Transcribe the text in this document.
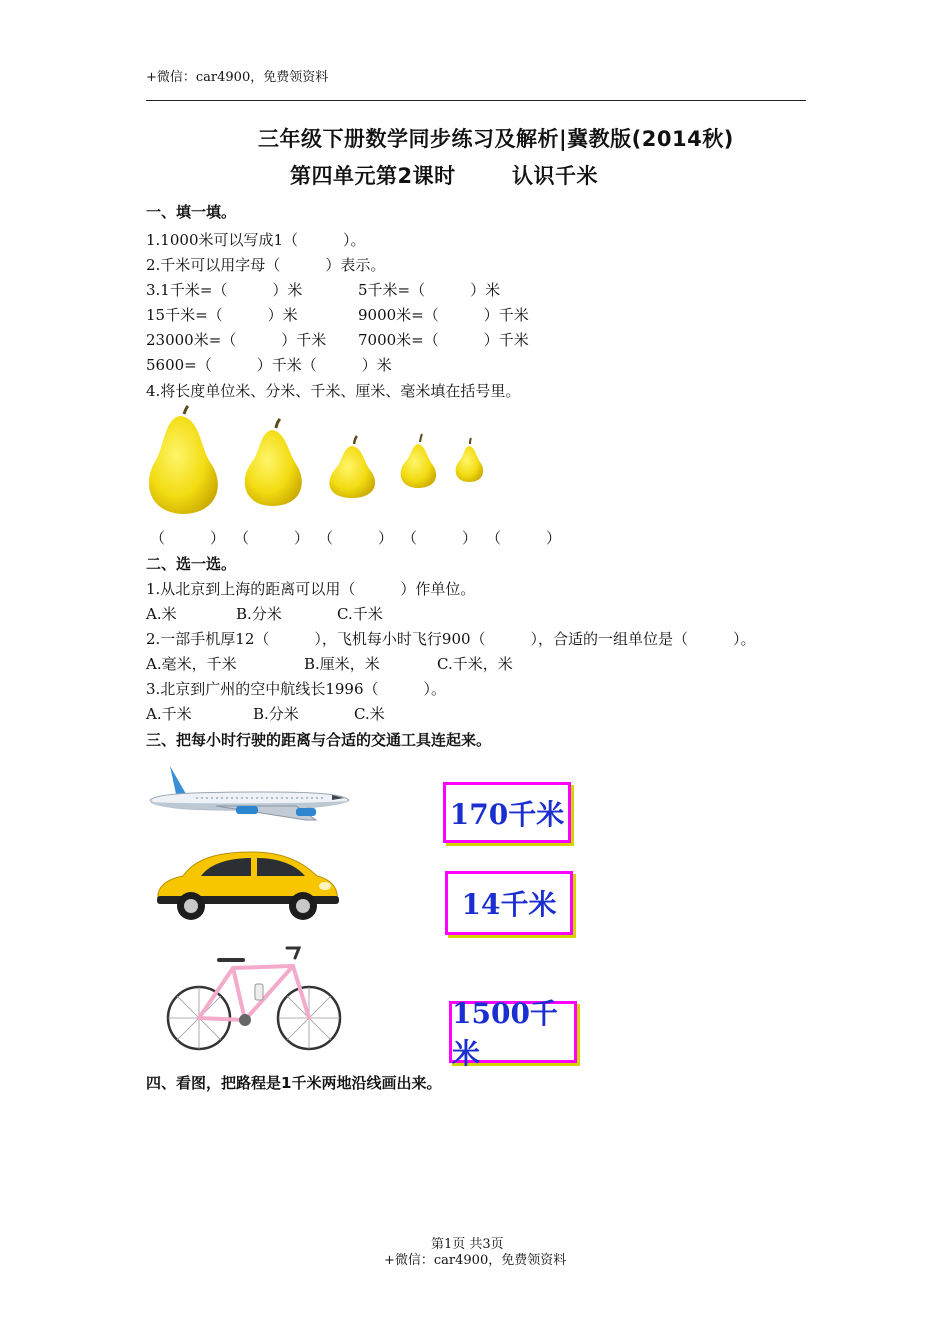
+微信：car4900，免费领资料
三年级下册数学同步练习及解析|冀教版(2014秋)
第四单元第2课时	认识千米
一、填一填。
1.1000米可以写成1（　　　）。
2.千米可以用字母（　　　）表示。
3.1千米=（　　　）米	5千米=（　　　）米
15千米=（　　　）米	9000米=（　　　）千米
23000米=（　　　）千米 7000米=（　　　）千米
5600=（　　　）千米（　　　）米
4.将长度单位米、分米、千米、厘米、毫米填在括号里。
（　　　） （　　　） （　　　） （　　　） （　　　）
二、选一选。
1.从北京到上海的距离可以用（　　　）作单位。
A.米	B.分米	C.千米
2.一部手机厚12（　　　），飞机每小时飞行900（　　　），合适的一组单位是（　　　）。
A.毫米，千米	B.厘米，米	C.千米，米
3.北京到广州的空中航线长1996（　　　）。
A.千米	B.分米	C.米
三、把每小时行驶的距离与合适的交通工具连起来。
170千米
14千米
1500千米
四、看图，把路程是1千米两地沿线画出来。
第1页 共3页
+微信：car4900，免费领资料
